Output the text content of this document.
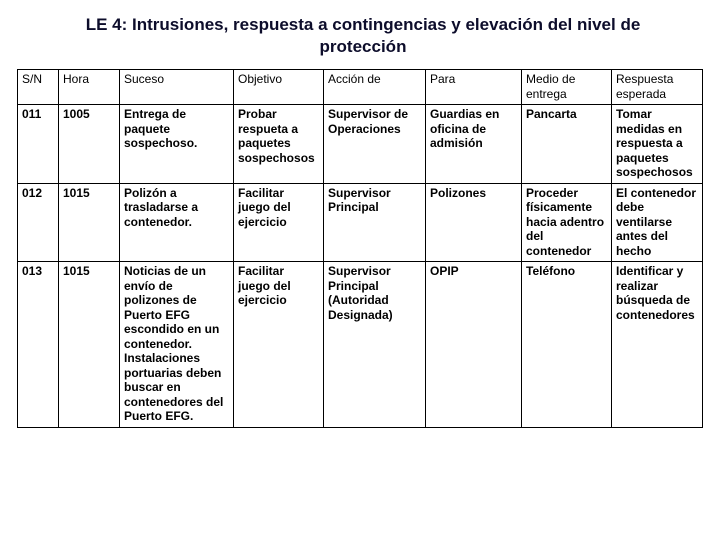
LE 4: Intrusiones, respuesta a contingencias y elevación del nivel de protección
S/N	Hora	Suceso	Objetivo	Acción de	Para	Medio de entrega	Respuesta esperada
011	1005	Entrega de paquete sospechoso.	Probar respueta a paquetes sospechosos	Supervisor de Operaciones	Guardias en oficina de admisión	Pancarta	Tomar medidas en respuesta a paquetes sospechosos
012	1015	Polizón a trasladarse a contenedor.	Facilitar juego del ejercicio	Supervisor Principal	Polizones	Proceder físicamente hacia adentro del contenedor	El contenedor debe ventilarse antes del hecho
013	1015	Noticias de un envío de polizones de Puerto EFG escondido en un contenedor. Instalaciones portuarias deben buscar en contenedores del Puerto EFG.	Facilitar juego del ejercicio	Supervisor Principal (Autoridad Designada)	OPIP	Teléfono	Identificar y realizar búsqueda de contenedores
